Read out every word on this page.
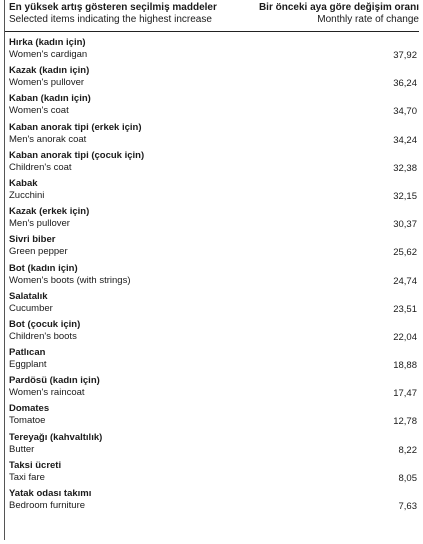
En yüksek artış gösteren seçilmiş maddeler	Bir önceki aya göre değişim oranı
Selected items indicating the highest increase	Monthly rate of change
Hırka (kadın için)
Women's cardigan	37,92
Kazak (kadın için)
Women's pullover	36,24
Kaban (kadın için)
Women's coat	34,70
Kaban anorak tipi (erkek için)
Men's anorak coat	34,24
Kaban anorak tipi (çocuk için)
Children's coat	32,38
Kabak
Zucchini	32,15
Kazak (erkek için)
Men's pullover	30,37
Sivri biber
Green pepper	25,62
Bot (kadın için)
Women's boots (with strings)	24,74
Salatalık
Cucumber	23,51
Bot (çocuk için)
Children's boots	22,04
Patlıcan
Eggplant	18,88
Pardösü (kadın için)
Women's raincoat	17,47
Domates
Tomatoe	12,78
Tereyağı (kahvaltılık)
Butter	8,22
Taksi ücreti
Taxi fare	8,05
Yatak odası takımı
Bedroom furniture	7,63
